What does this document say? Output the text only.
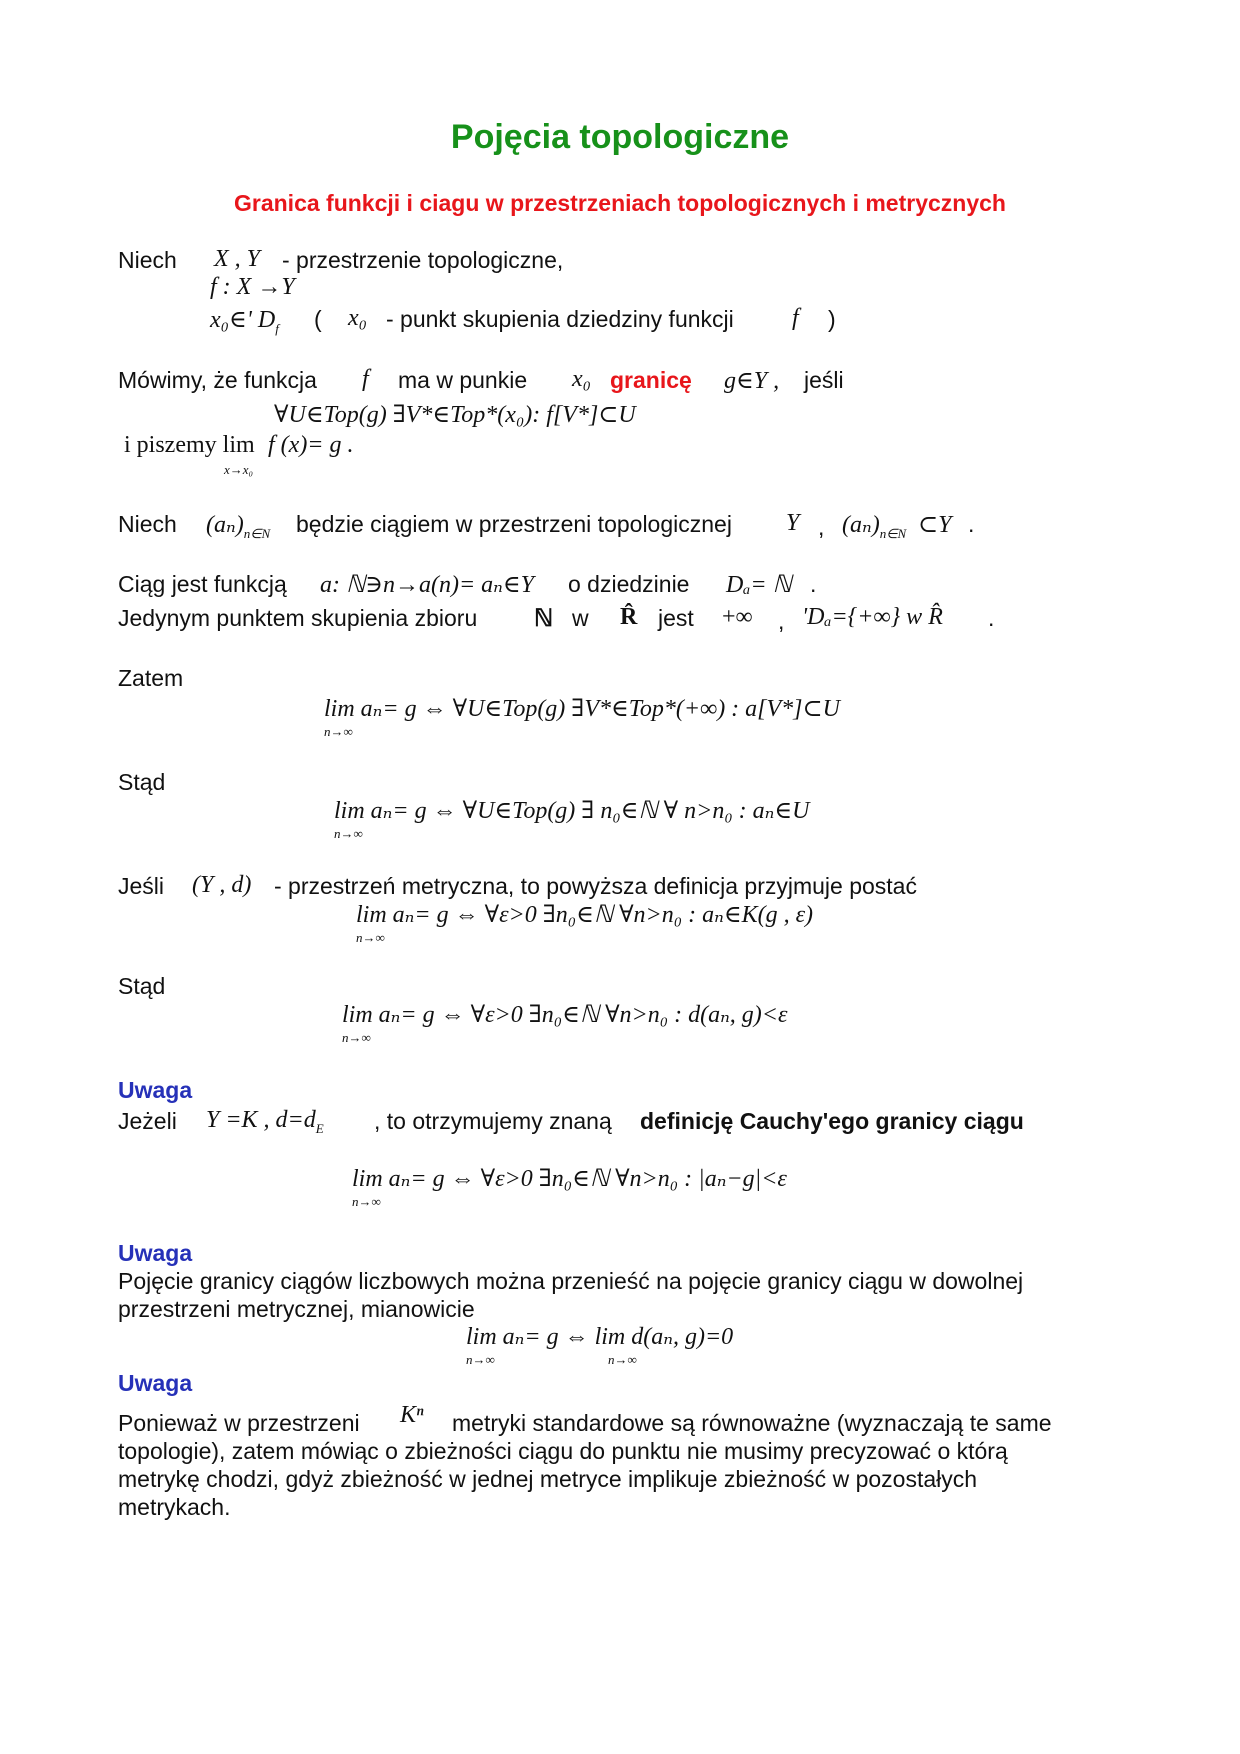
Pojęcia topologiczne
Granica funkcji i ciagu w przestrzeniach topologicznych i metrycznych
Niech X , Y - przestrzenie topologiczne,
f : X →Y
x₀∈' $D_f$ ( x₀ - punkt skupienia dziedziny funkcji f )
Mówimy, że funkcja f ma w punkie x₀ granicę g∈Y , jeśli
∀U∈Top(g) ∃V*∈Top*(x₀): f[V*]⊂U
i piszemy lim f (x)= g .
x→x₀
Niech $(a_n)_{n\in N}$ będzie ciągiem w przestrzeni topologicznej Y , $(a_n)_{n\in N}$ ⊂Y .
Ciąg jest funkcją a: ℕ∋n→a(n)= aₙ∈Y o dziedzinie Dₐ= ℕ .
Jedynym punktem skupienia zbioru ℕ w R̂ jest +∞ , 'Dₐ={+∞} w R̂ .
Zatem
lim aₙ= g ⇔ ∀U∈Top(g) ∃V*∈Top*(+∞) : a[V*]⊂U
n→∞
Stąd
lim aₙ= g ⇔ ∀U∈Top(g) ∃ n₀∈ℕ ∀ n>n₀ : aₙ∈U
n→∞
Jeśli (Y , d) - przestrzeń metryczna, to powyższa definicja przyjmuje postać
lim aₙ= g ⇔ ∀ε>0 ∃n₀∈ℕ ∀n>n₀ : aₙ∈K(g , ε)
n→∞
Stąd
lim aₙ= g ⇔ ∀ε>0 ∃n₀∈ℕ ∀n>n₀ : d(aₙ, g)<ε
n→∞
Uwaga
Jeżeli Y =K , $d=d_E$ , to otrzymujemy znaną definicję Cauchy'ego granicy ciągu
lim aₙ= g ⇔ ∀ε>0 ∃n₀∈ℕ ∀n>n₀ : |aₙ−g|<ε
n→∞
Uwaga
Pojęcie granicy ciągów liczbowych można przenieść na pojęcie granicy ciągu w dowolnej
przestrzeni metrycznej, mianowicie
lim aₙ= g ⇔ lim d(aₙ, g)=0
n→∞	n→∞
Uwaga
Ponieważ w przestrzeni Kⁿ metryki standardowe są równoważne (wyznaczają te same
topologie), zatem mówiąc o zbieżności ciągu do punktu nie musimy precyzować o którą
metrykę chodzi, gdyż zbieżność w jednej metryce implikuje zbieżność w pozostałych
metrykach.
